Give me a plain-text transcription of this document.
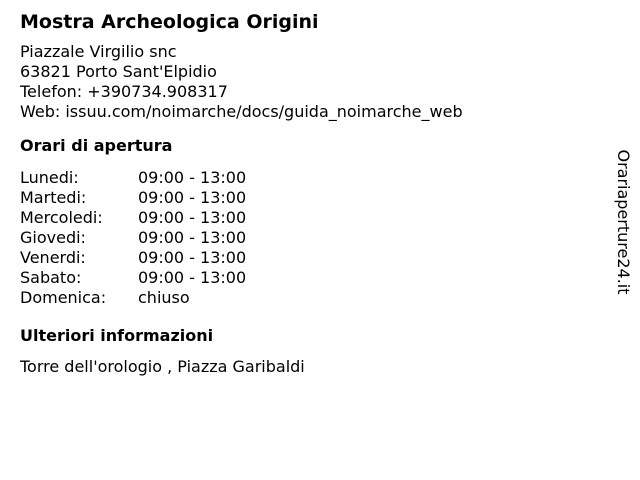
Mostra Archeologica Origini
Piazzale Virgilio snc
63821 Porto Sant'Elpidio
Telefon: +390734.908317
Web: issuu.com/noimarche/docs/guida_noimarche_web
Orari di apertura
Lunedi:	09:00 - 13:00
Martedi:	09:00 - 13:00
Mercoledi:	09:00 - 13:00
Giovedi:	09:00 - 13:00
Venerdi:	09:00 - 13:00
Sabato:	09:00 - 13:00
Domenica:	chiuso
Ulteriori informazioni
Torre dell'orologio , Piazza Garibaldi
Orariaperture24.it
